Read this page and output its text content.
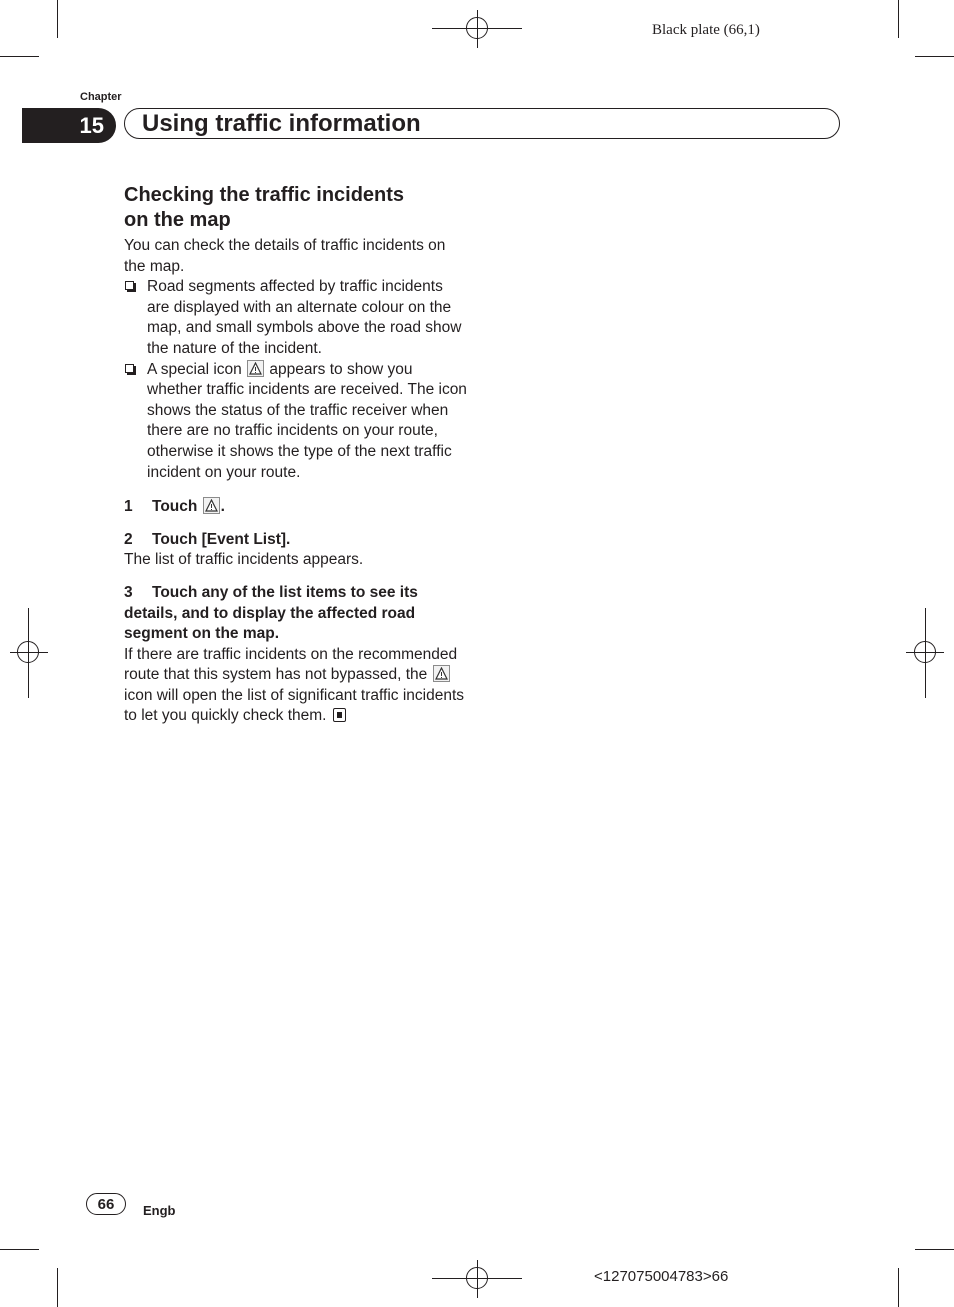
Black plate (66,1)
Chapter
15	Using traffic information
Checking the traffic incidents
on the map

You can check the details of traffic incidents on the map.

Road segments affected by traffic incidents are displayed with an alternate colour on the map, and small symbols above the road show the nature of the incident.
A special icon appears to show you whether traffic incidents are received. The icon shows the status of the traffic receiver when there are no traffic incidents on your route, otherwise it shows the type of the next traffic incident on your route.
1 Touch .
2 Touch [Event List].

The list of traffic incidents appears.

3 Touch any of the list items to see its details, and to display the affected road segment on the map.

If there are traffic incidents on the recommended route that this system has not bypassed, the
icon will open the list of significant traffic incidents to let you quickly check them.

66	Engb
<127075004783>66
